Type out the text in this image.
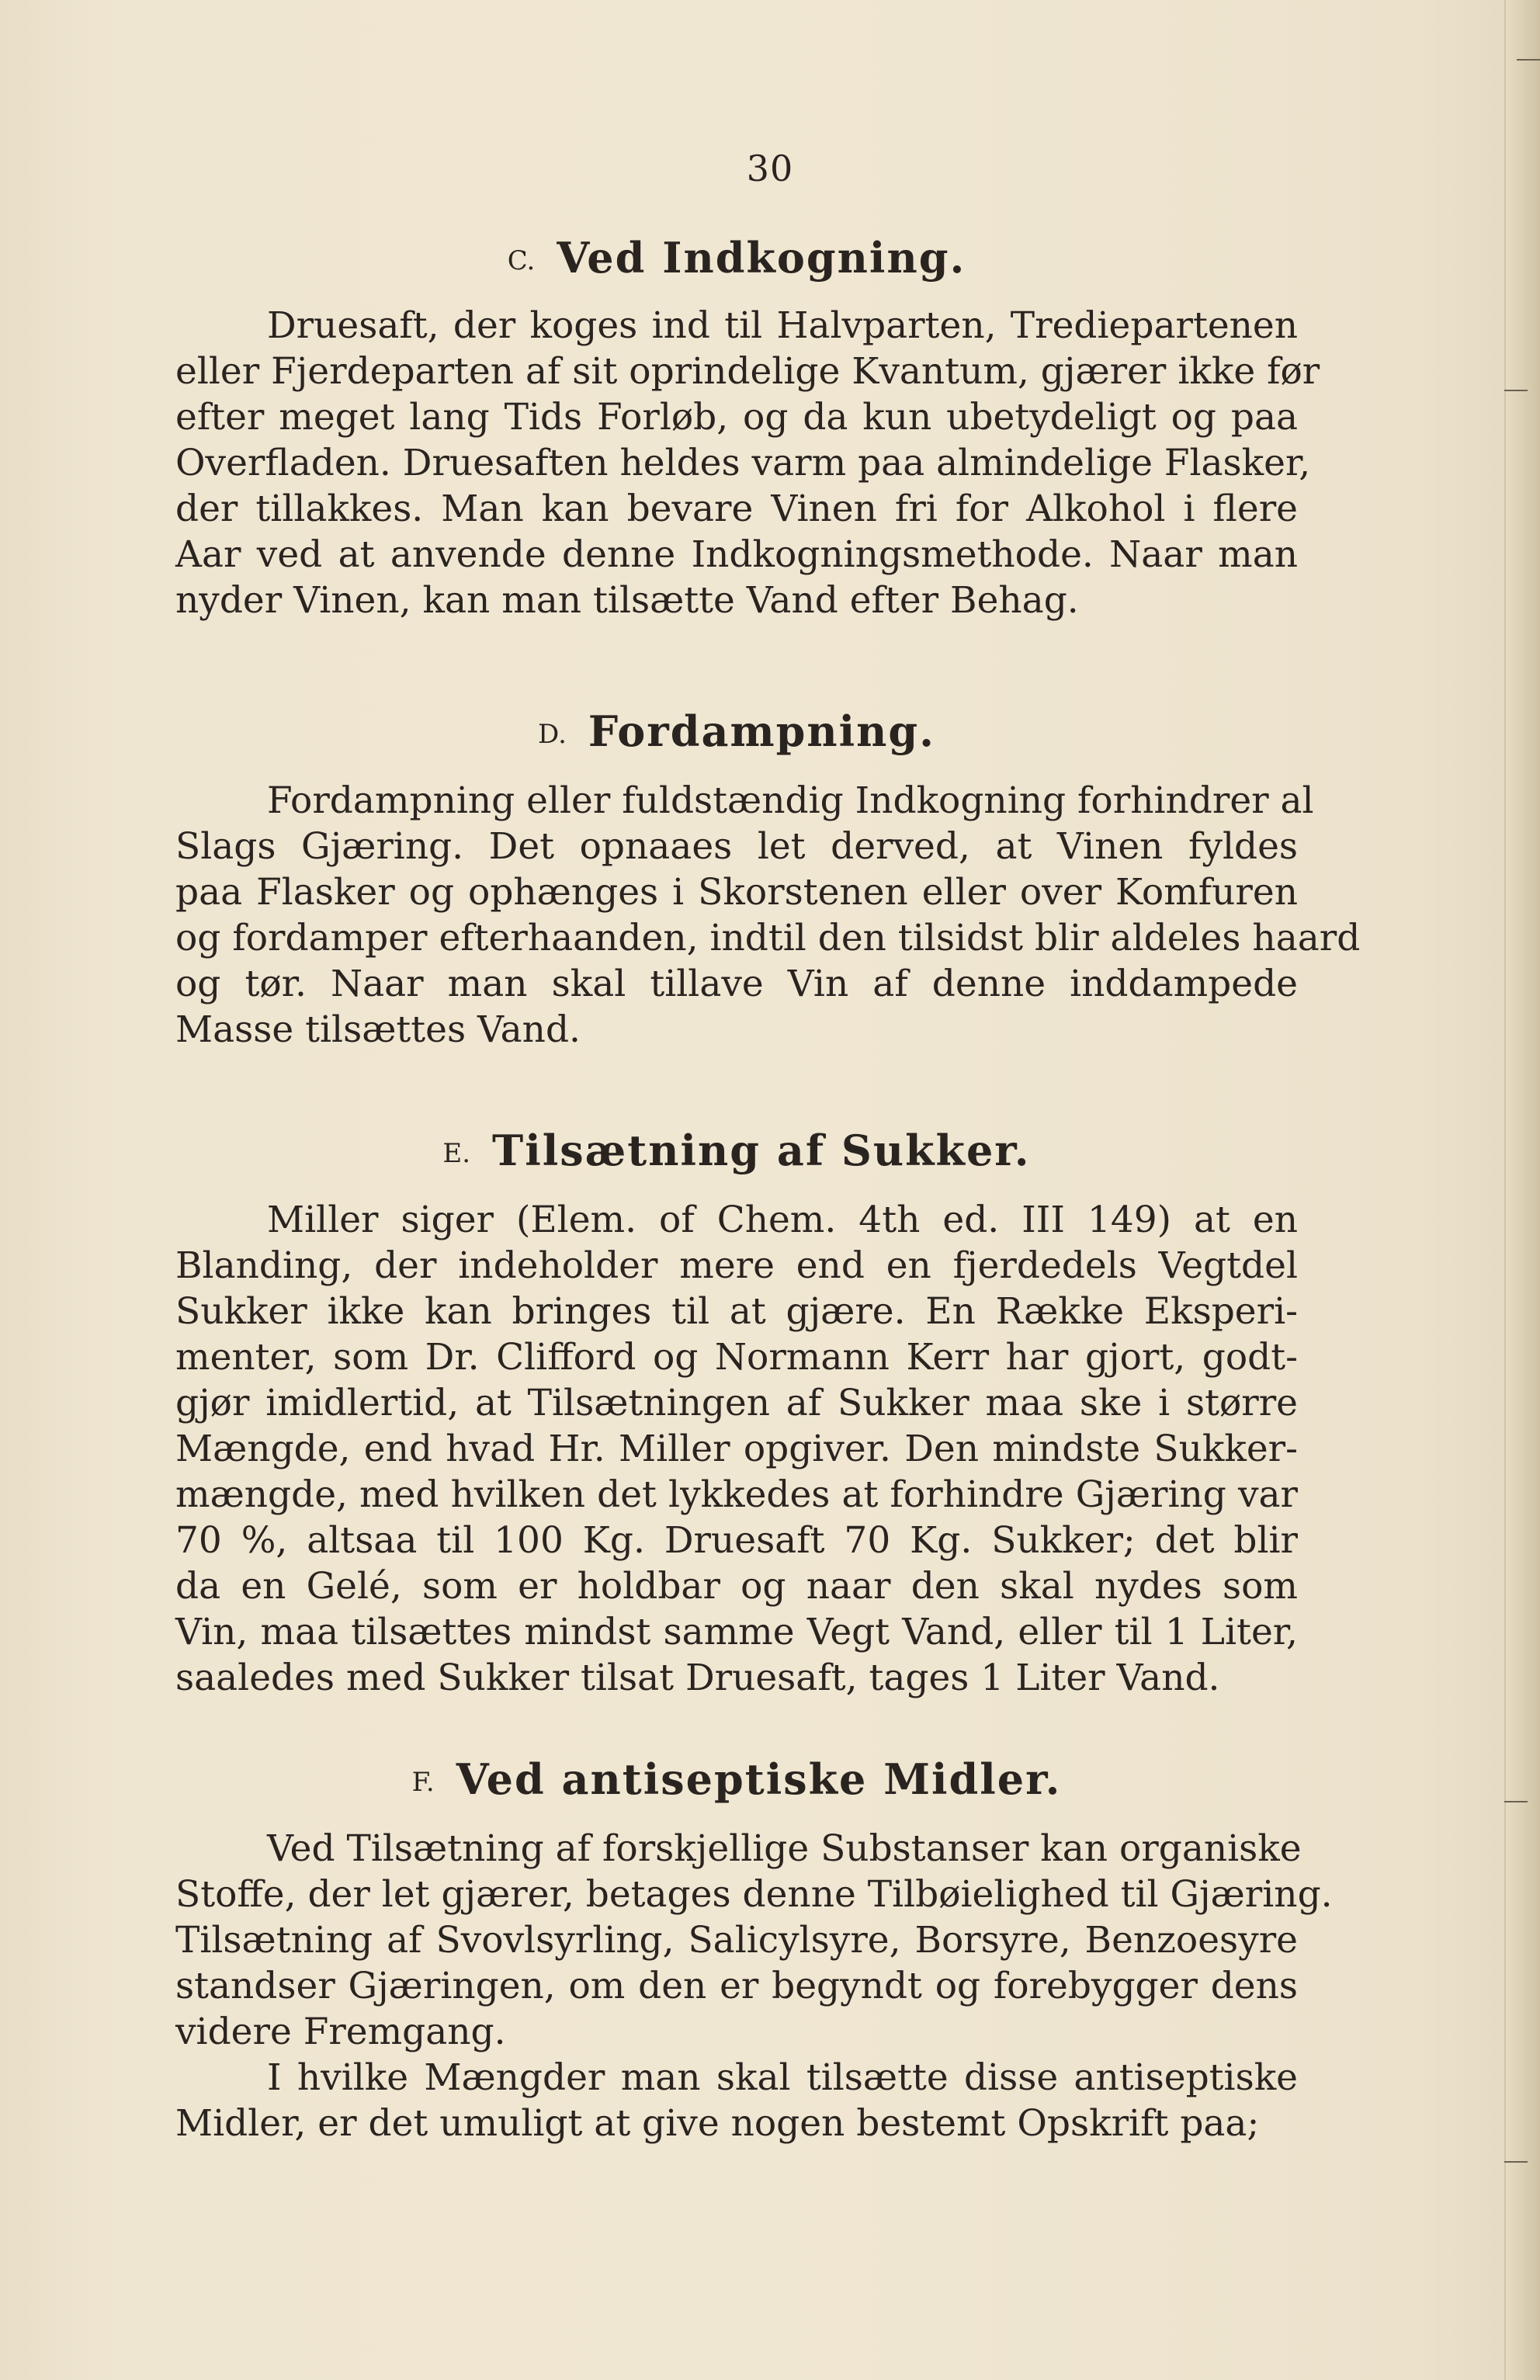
30
C. Ved Indkogning.

Druesaft, der koges ind til Halvparten, Trediepartenen
eller Fjerdeparten af sit oprindelige Kvantum, gjærer ikke før
efter meget lang Tids Forløb, og da kun ubetydeligt og paa
Overfladen. Druesaften heldes varm paa almindelige Flasker,
der tillakkes. Man kan bevare Vinen fri for Alkohol i flere
Aar ved at anvende denne Indkogningsmethode. Naar man
nyder Vinen, kan man tilsætte Vand efter Behag.

D. Fordampning.

Fordampning eller fuldstændig Indkogning forhindrer al
Slags Gjæring. Det opnaaes let derved, at Vinen fyldes
paa Flasker og ophænges i Skorstenen eller over Komfuren
og fordamper efterhaanden, indtil den tilsidst blir aldeles haard
og tør. Naar man skal tillave Vin af denne inddampede
Masse tilsættes Vand.

E. Tilsætning af Sukker.

Miller siger (Elem. of Chem. 4th ed. III 149) at en
Blanding, der indeholder mere end en fjerdedels Vegtdel
Sukker ikke kan bringes til at gjære. En Række Eksperi-
menter, som Dr. Clifford og Normann Kerr har gjort, godt-
gjør imidlertid, at Tilsætningen af Sukker maa ske i større
Mængde, end hvad Hr. Miller opgiver. Den mindste Sukker-
mængde, med hvilken det lykkedes at forhindre Gjæring var
70 %, altsaa til 100 Kg. Druesaft 70 Kg. Sukker; det blir
da en Gelé, som er holdbar og naar den skal nydes som
Vin, maa tilsættes mindst samme Vegt Vand, eller til 1 Liter,
saaledes med Sukker tilsat Druesaft, tages 1 Liter Vand.

F. Ved antiseptiske Midler.

Ved Tilsætning af forskjellige Substanser kan organiske
Stoffe, der let gjærer, betages denne Tilbøielighed til Gjæring.
Tilsætning af Svovlsyrling, Salicylsyre, Borsyre, Benzoesyre
standser Gjæringen, om den er begyndt og forebygger dens
videre Fremgang.

I hvilke Mængder man skal tilsætte disse antiseptiske
Midler, er det umuligt at give nogen bestemt Opskrift paa;
